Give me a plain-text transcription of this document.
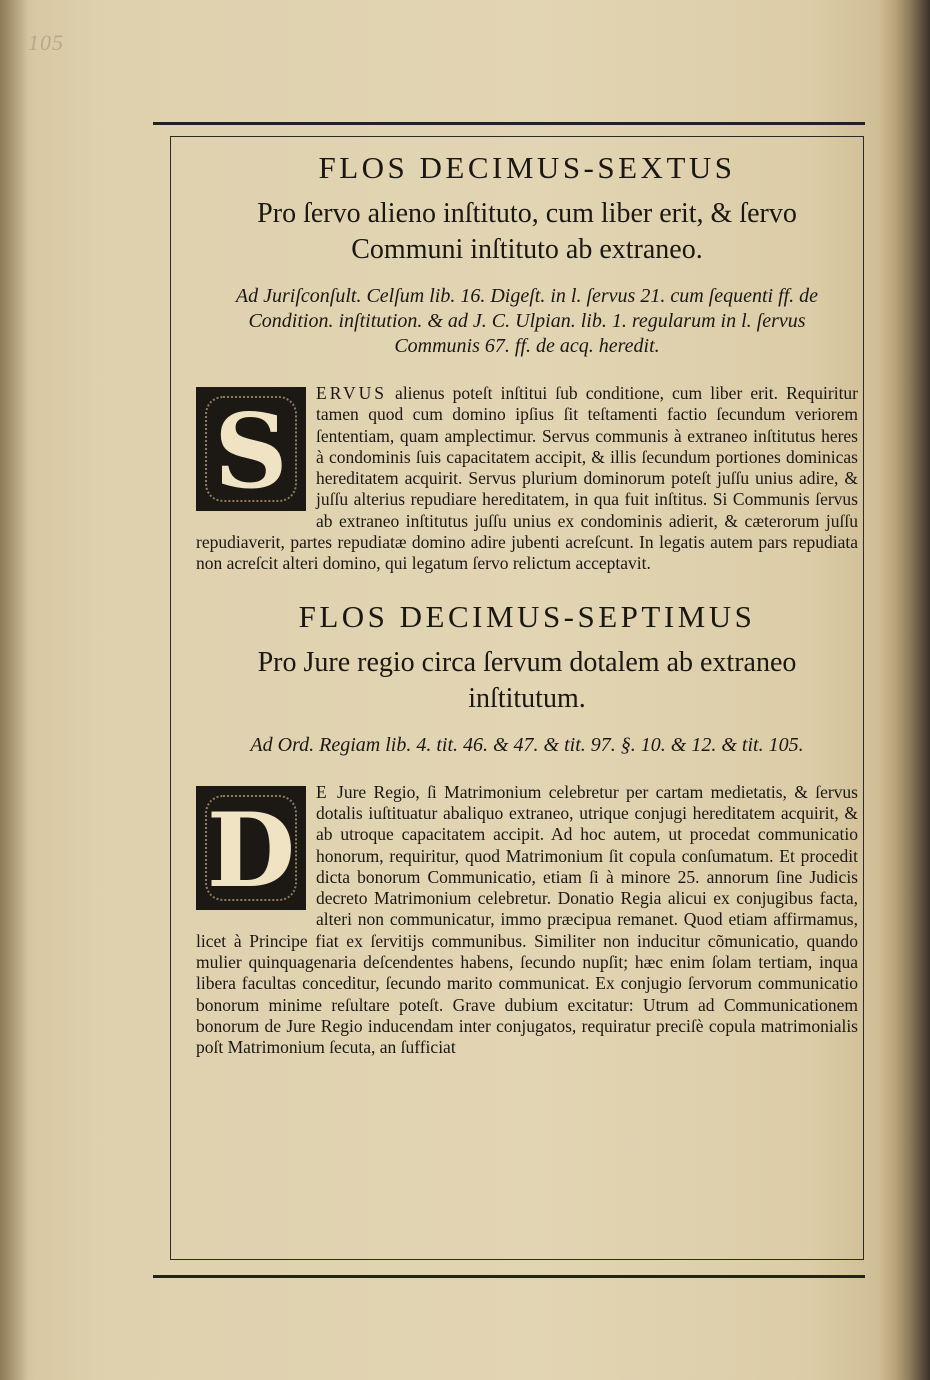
105
FLOS DECIMUS-SEXTUS
Pro ſervo alieno inſtituto, cum liber erit, & ſervo Communi inſtituto ab extraneo.
Ad Juriſconſult. Celſum lib. 16. Digeſt. in l. ſervus 21. cum ſequenti ff. de Condition. inſtitution. & ad J. C. Ulpian. lib. 1. regularum in l. ſervus Communis 67. ff. de acq. heredit.
S	ERVUS alienus poteſt inſtitui ſub conditione, cum liber erit. Requiritur tamen quod cum domino ipſius ſit teſtamenti factio ſecundum veriorem ſententiam, quam amplectimur. Servus communis à extraneo inſtitutus heres à condominis ſuis capacitatem accipit, & illis ſecundum portiones dominicas hereditatem acquirit. Servus plurium dominorum poteſt juſſu unius adire, & juſſu alterius repudiare hereditatem, in qua fuit inſtitus. Si Communis ſervus ab extraneo inſtitutus juſſu unius ex condominis adierit, & cæterorum juſſu repudiaverit, partes repudiatæ domino adire jubenti acreſcunt. In legatis autem pars repudiata non acreſcit alteri domino, qui legatum ſervo relictum acceptavit.
FLOS DECIMUS-SEPTIMUS
Pro Jure regio circa ſervum dotalem ab extraneo inſtitutum.
Ad Ord. Regiam lib. 4. tit. 46. & 47. & tit. 97. §. 10. & 12. & tit. 105.
D	E Jure Regio, ſi Matrimonium celebretur per cartam medietatis, & ſervus dotalis iuſtituatur abaliquo extraneo, utrique conjugi hereditatem acquirit, & ab utroque capacitatem accipit. Ad hoc autem, ut procedat communicatio honorum, requiritur, quod Matrimonium ſit copula conſumatum. Et procedit dicta bonorum Communicatio, etiam ſi à minore 25. annorum ſine Judicis decreto Matrimonium celebretur. Donatio Regia alicui ex conjugibus facta, alteri non communicatur, immo præcipua remanet. Quod etiam affirmamus, licet à Principe fiat ex ſervitijs communibus. Similiter non inducitur cõmunicatio, quando mulier quinquagenaria deſcendentes habens, ſecundo nupſit; hæc enim ſolam tertiam, inqua libera facultas conceditur, ſecundo marito communicat. Ex conjugio ſervorum communicatio bonorum minime reſultare poteſt. Grave dubium excitatur: Utrum ad Communicationem bonorum de Jure Regio inducendam inter conjugatos, requiratur preciſè copula matrimonialis poſt Matrimonium ſecuta, an ſufficiat
